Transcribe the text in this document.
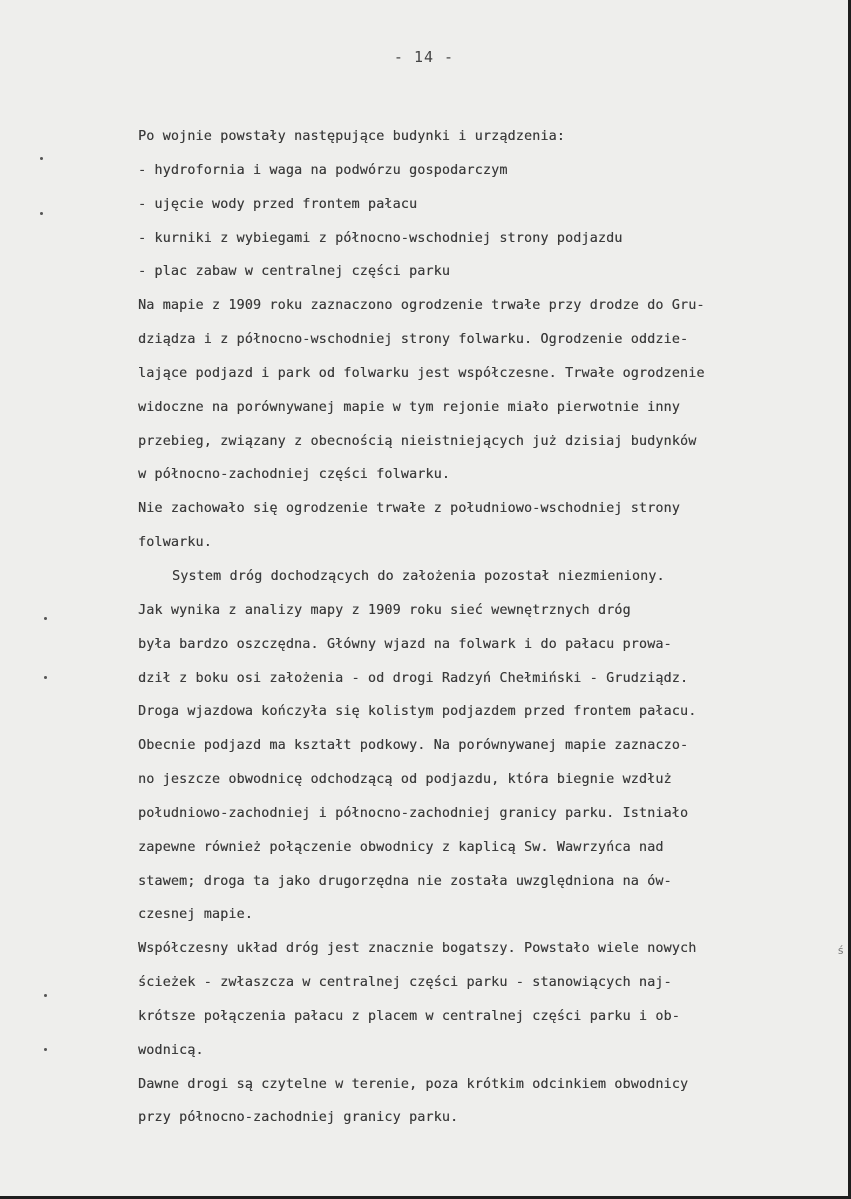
- 14 -
Po wojnie powstały następujące budynki i urządzenia:
- hydrofornia i waga na podwórzu gospodarczym
- ujęcie wody przed frontem pałacu
- kurniki z wybiegami z północno-wschodniej strony podjazdu
- plac zabaw w centralnej części parku
Na mapie z 1909 roku zaznaczono ogrodzenie trwałe przy drodze do Gru-
dziądza i z północno-wschodniej strony folwarku. Ogrodzenie oddzie-
lające podjazd i park od folwarku jest współczesne. Trwałe ogrodzenie
widoczne na porównywanej mapie w tym rejonie miało pierwotnie inny
przebieg, związany z obecnością nieistniejących już dzisiaj budynków
w północno-zachodniej części folwarku.
Nie zachowało się ogrodzenie trwałe z południowo-wschodniej strony
folwarku.
System dróg dochodzących do założenia pozostał niezmieniony.
Jak wynika z analizy mapy z 1909 roku sieć wewnętrznych dróg
była bardzo oszczędna. Główny wjazd na folwark i do pałacu prowa-
dził z boku osi założenia - od drogi Radzyń Chełmiński - Grudziądz.
Droga wjazdowa kończyła się kolistym podjazdem przed frontem pałacu.
Obecnie podjazd ma kształt podkowy. Na porównywanej mapie zaznaczo-
no jeszcze obwodnicę odchodzącą od podjazdu, która biegnie wzdłuż
południowo-zachodniej i północno-zachodniej granicy parku. Istniało
zapewne również połączenie obwodnicy z kaplicą Sw. Wawrzyńca nad
stawem; droga ta jako drugorzędna nie została uwzględniona na ów-
czesnej mapie.
Współczesny układ dróg jest znacznie bogatszy. Powstało wiele nowych
ścieżek - zwłaszcza w centralnej części parku - stanowiących naj-
krótsze połączenia pałacu z placem w centralnej części parku i ob-
wodnicą.
Dawne drogi są czytelne w terenie, poza krótkim odcinkiem obwodnicy
przy północno-zachodniej granicy parku.
ś
